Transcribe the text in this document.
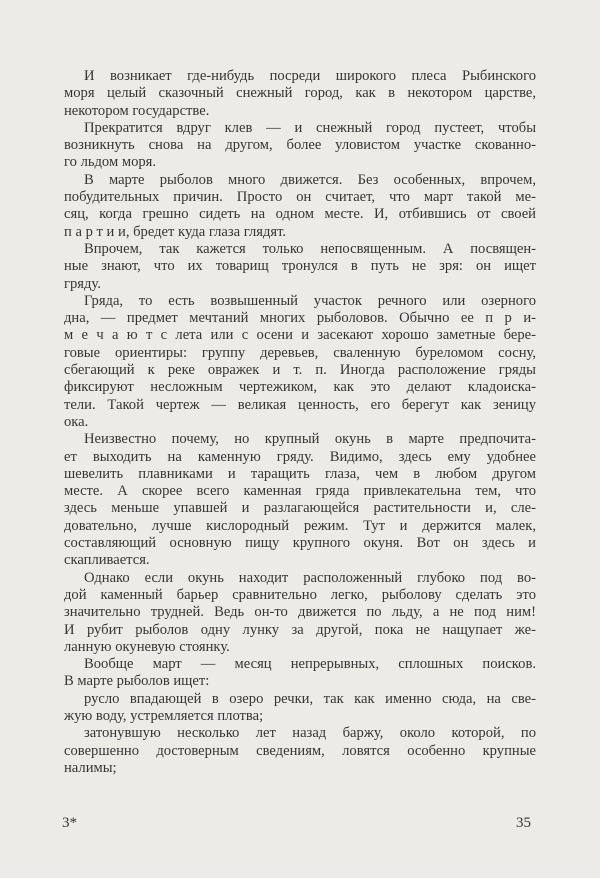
И возникает где-нибудь посреди широкого плеса Рыбинского
моря целый сказочный снежный город, как в некотором царстве,
некотором государстве.
Прекратится вдруг клев — и снежный город пустеет, чтобы
возникнуть снова на другом, более уловистом участке скованно-
го льдом моря.
В марте рыболов много движется. Без особенных, впрочем,
побудительных причин. Просто он считает, что март такой ме-
сяц, когда грешно сидеть на одном месте. И, отбившись от своей
п а р т и и, бредет куда глаза глядят.
Впрочем, так кажется только непосвященным. А посвящен-
ные знают, что их товарищ тронулся в путь не зря: он ищет
гряду.
Гряда, то есть возвышенный участок речного или озерного
дна, — предмет мечтаний многих рыболовов. Обычно ее п р и-
м е ч а ю т с лета или с осени и засекают хорошо заметные бере-
говые ориентиры: группу деревьев, сваленную буреломом сосну,
сбегающий к реке овражек и т. п. Иногда расположение гряды
фиксируют несложным чертежиком, как это делают кладоиска-
тели. Такой чертеж — великая ценность, его берегут как зеницу
ока.
Неизвестно почему, но крупный окунь в марте предпочита-
ет выходить на каменную гряду. Видимо, здесь ему удобнее
шевелить плавниками и таращить глаза, чем в любом другом
месте. А скорее всего каменная гряда привлекательна тем, что
здесь меньше упавшей и разлагающейся растительности и, сле-
довательно, лучше кислородный режим. Тут и держится малек,
составляющий основную пищу крупного окуня. Вот он здесь и
скапливается.
Однако если окунь находит расположенный глубоко под во-
дой каменный барьер сравнительно легко, рыболову сделать это
значительно трудней. Ведь он-то движется по льду, а не под ним!
И рубит рыболов одну лунку за другой, пока не нащупает же-
ланную окуневую стоянку.
Вообще март — месяц непрерывных, сплошных поисков.
В марте рыболов ищет:
русло впадающей в озеро речки, так как именно сюда, на све-
жую воду, устремляется плотва;
затонувшую несколько лет назад баржу, около которой, по
совершенно достоверным сведениям, ловятся особенно крупные
налимы;
3*	35
